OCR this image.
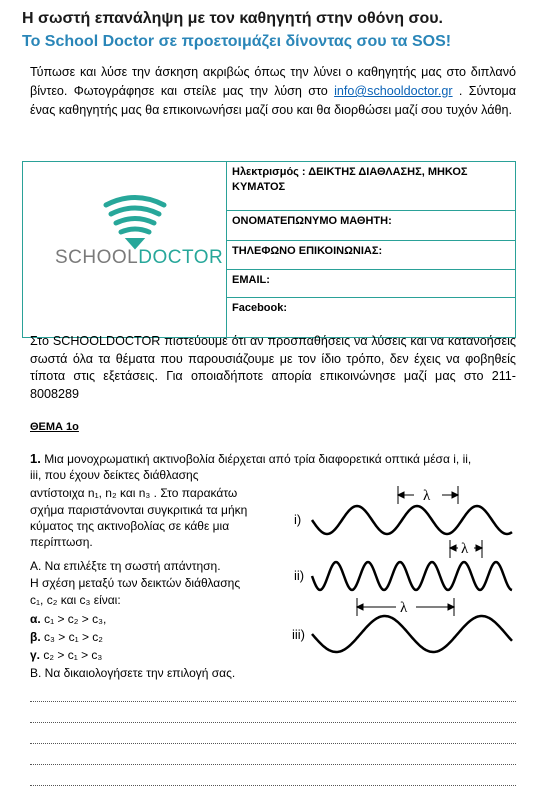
Η σωστή επανάληψη με τον καθηγητή στην οθόνη σου.
Το School Doctor σε προετοιμάζει δίνοντας σου τα SOS!
Τύπωσε και λύσε την άσκηση ακριβώς όπως την λύνει ο καθηγητής μας στο διπλανό βίντεο. Φωτογράφησε και στείλε μας την λύση στο info@schooldoctor.gr . Σύντομα ένας καθηγητής μας θα επικοινωνήσει μαζί σου και θα διορθώσει μαζί σου τυχόν λάθη.
SCHOOLDOCTOR

Ηλεκτρισμός : ΔΕΙΚΤΗΣ ΔΙΑΘΛΑΣΗΣ, ΜΗΚΟΣ ΚΥΜΑΤΟΣ

ΟΝΟΜΑΤΕΠΩΝΥΜΟ ΜΑΘΗΤΗ:

ΤΗΛΕΦΩΝΟ ΕΠΙΚΟΙΝΩΝΙΑΣ:

EMAIL:

Facebook:
Στο SCHOOLDOCTOR πιστεύουμε ότι αν προσπαθήσεις να λύσεις και να κατανοήσεις σωστά όλα τα θέματα που παρουσιάζουμε με τον ίδιο τρόπο, δεν έχεις να φοβηθείς τίποτα στις εξετάσεις. Για οποιαδήποτε απορία επικοινώνησε μαζί μας στο 211-8008289
ΘΕΜΑ 1ο
1. Μια μονοχρωματική ακτινοβολία διέρχεται από τρία διαφορετικά οπτικά μέσα i, ii,
iii, που έχουν δείκτες διάθλασης
αντίστοιχα n₁, n₂ και n₃ . Στο παρακάτω
σχήμα παριστάνονται συγκριτικά τα μήκη
κύματος της ακτινοβολίας σε κάθε μια
περίπτωση.
Α. Να επιλέξτε τη σωστή απάντηση.
Η σχέση μεταξύ των δεικτών διάθλασης
c₁, c₂ και c₃ είναι:
α. c₁ > c₂ > c₃,
β. c₃ > c₁ > c₂
γ. c₂ > c₁ > c₃
Β. Να δικαιολογήσετε την επιλογή σας.
i)
ii)
iii)
λ
λ
λ
